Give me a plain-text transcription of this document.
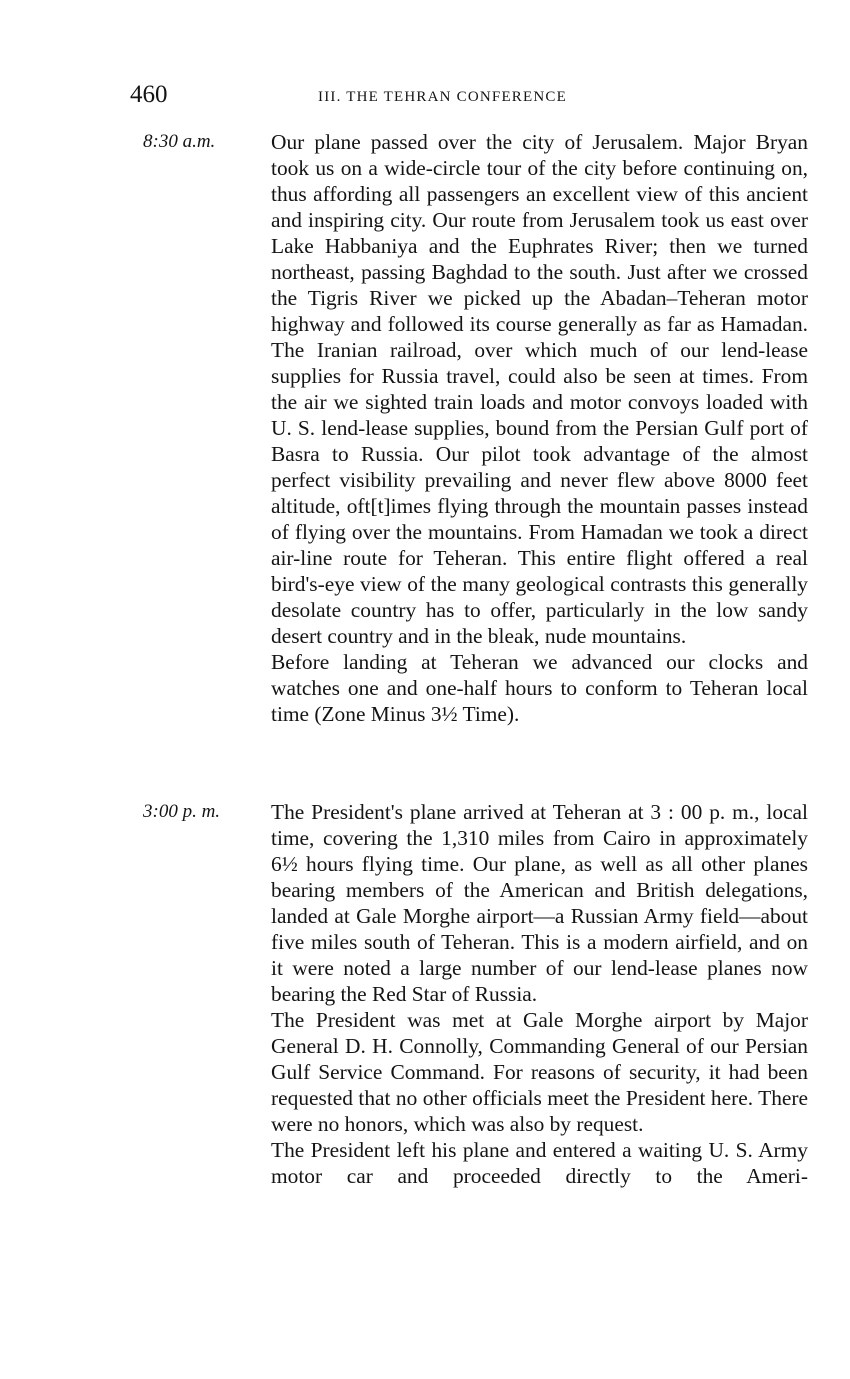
460	III. THE TEHRAN CONFERENCE
8:30 a.m.	Our plane passed over the city of Jerusalem. Major Bryan took us on a wide-circle tour of the city before continuing on, thus affording all passengers an excellent view of this ancient and inspiring city. Our route from Jerusalem took us east over Lake Habbaniya and the Euphrates River; then we turned northeast, passing Baghdad to the south. Just after we crossed the Tigris River we picked up the Abadan–Teheran motor highway and followed its course generally as far as Hamadan. The Iranian railroad, over which much of our lend-lease supplies for Russia travel, could also be seen at times. From the air we sighted train loads and motor convoys loaded with U. S. lend-lease supplies, bound from the Persian Gulf port of Basra to Russia. Our pilot took advantage of the almost perfect visibility prevailing and never flew above 8000 feet altitude, oft[t]imes flying through the mountain passes instead of flying over the mountains. From Hamadan we took a direct air-line route for Teheran. This entire flight offered a real bird's-eye view of the many geological contrasts this generally desolate country has to offer, particularly in the low sandy desert country and in the bleak, nude mountains.

Before landing at Teheran we advanced our clocks and watches one and one-half hours to conform to Teheran local time (Zone Minus 3½ Time).

3:00 p. m. The President's plane arrived at Teheran at 3 : 00 p. m., local time, covering the 1,310 miles from Cairo in approximately 6½ hours flying time. Our plane, as well as all other planes bearing members of the American and British delegations, landed at Gale Morghe airport—a Russian Army field—about five miles south of Teheran. This is a modern airfield, and on it were noted a large number of our lend-lease planes now bearing the Red Star of Russia.

The President was met at Gale Morghe airport by Major General D. H. Connolly, Commanding General of our Persian Gulf Service Command. For reasons of security, it had been requested that no other officials meet the President here. There were no honors, which was also by request.

The President left his plane and entered a waiting U. S. Army motor car and proceeded directly to the Ameri-
